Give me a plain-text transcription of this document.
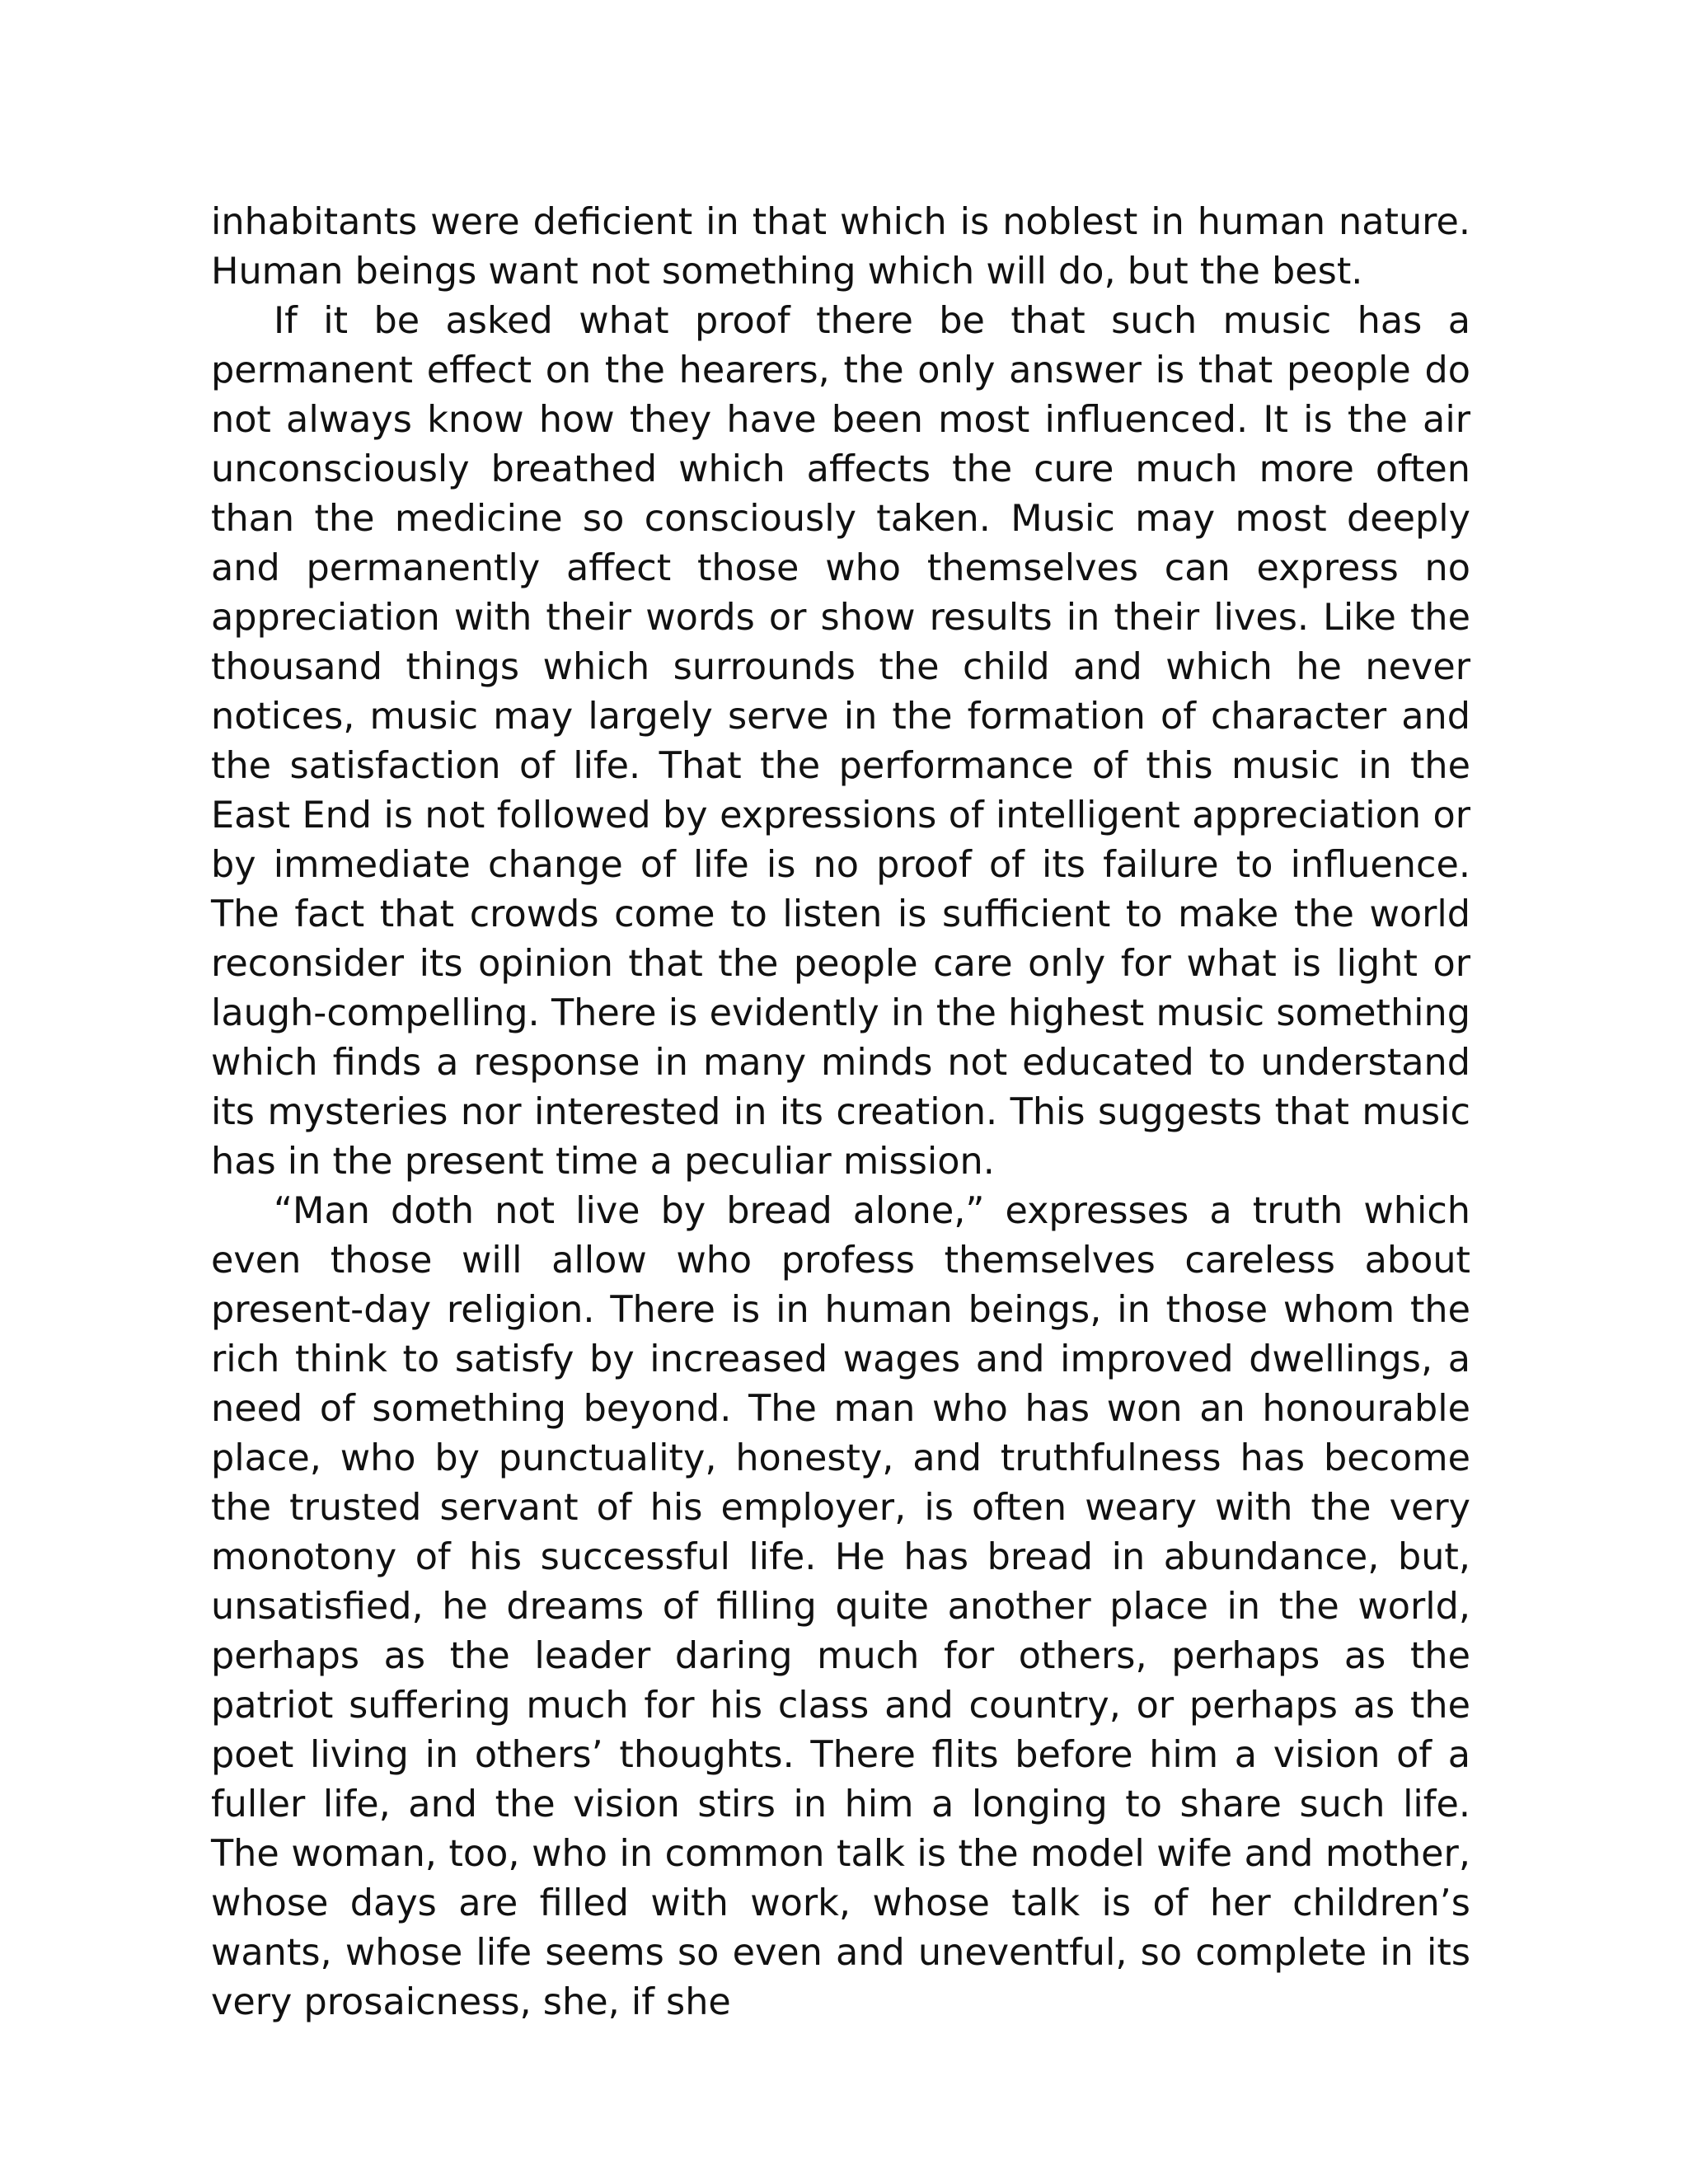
inhabitants were deficient in that which is noblest in human nature. Human beings want not something which will do, but the best.

If it be asked what proof there be that such music has a permanent effect on the hearers, the only answer is that people do not always know how they have been most influenced. It is the air unconsciously breathed which affects the cure much more often than the medicine so consciously taken. Music may most deeply and permanently affect those who themselves can express no appreciation with their words or show results in their lives. Like the thousand things which surrounds the child and which he never notices, music may largely serve in the formation of character and the satisfaction of life. That the performance of this music in the East End is not followed by expressions of intelligent appreciation or by immediate change of life is no proof of its failure to influence. The fact that crowds come to listen is sufficient to make the world reconsider its opinion that the people care only for what is light or laugh-compelling. There is evidently in the highest music something which finds a response in many minds not educated to understand its mysteries nor interested in its creation. This suggests that music has in the present time a peculiar mission.

“Man doth not live by bread alone,” expresses a truth which even those will allow who profess themselves careless about present-day religion. There is in human beings, in those whom the rich think to satisfy by increased wages and improved dwellings, a need of something beyond. The man who has won an honourable place, who by punctuality, honesty, and truthfulness has become the trusted servant of his employer, is often weary with the very monotony of his successful life. He has bread in abundance, but, unsatisfied, he dreams of filling quite another place in the world, perhaps as the leader daring much for others, perhaps as the patriot suffering much for his class and country, or perhaps as the poet living in others’ thoughts. There flits before him a vision of a fuller life, and the vision stirs in him a longing to share such life. The woman, too, who in common talk is the model wife and mother, whose days are filled with work, whose talk is of her children’s wants, whose life seems so even and uneventful, so complete in its very prosaicness, she, if she
